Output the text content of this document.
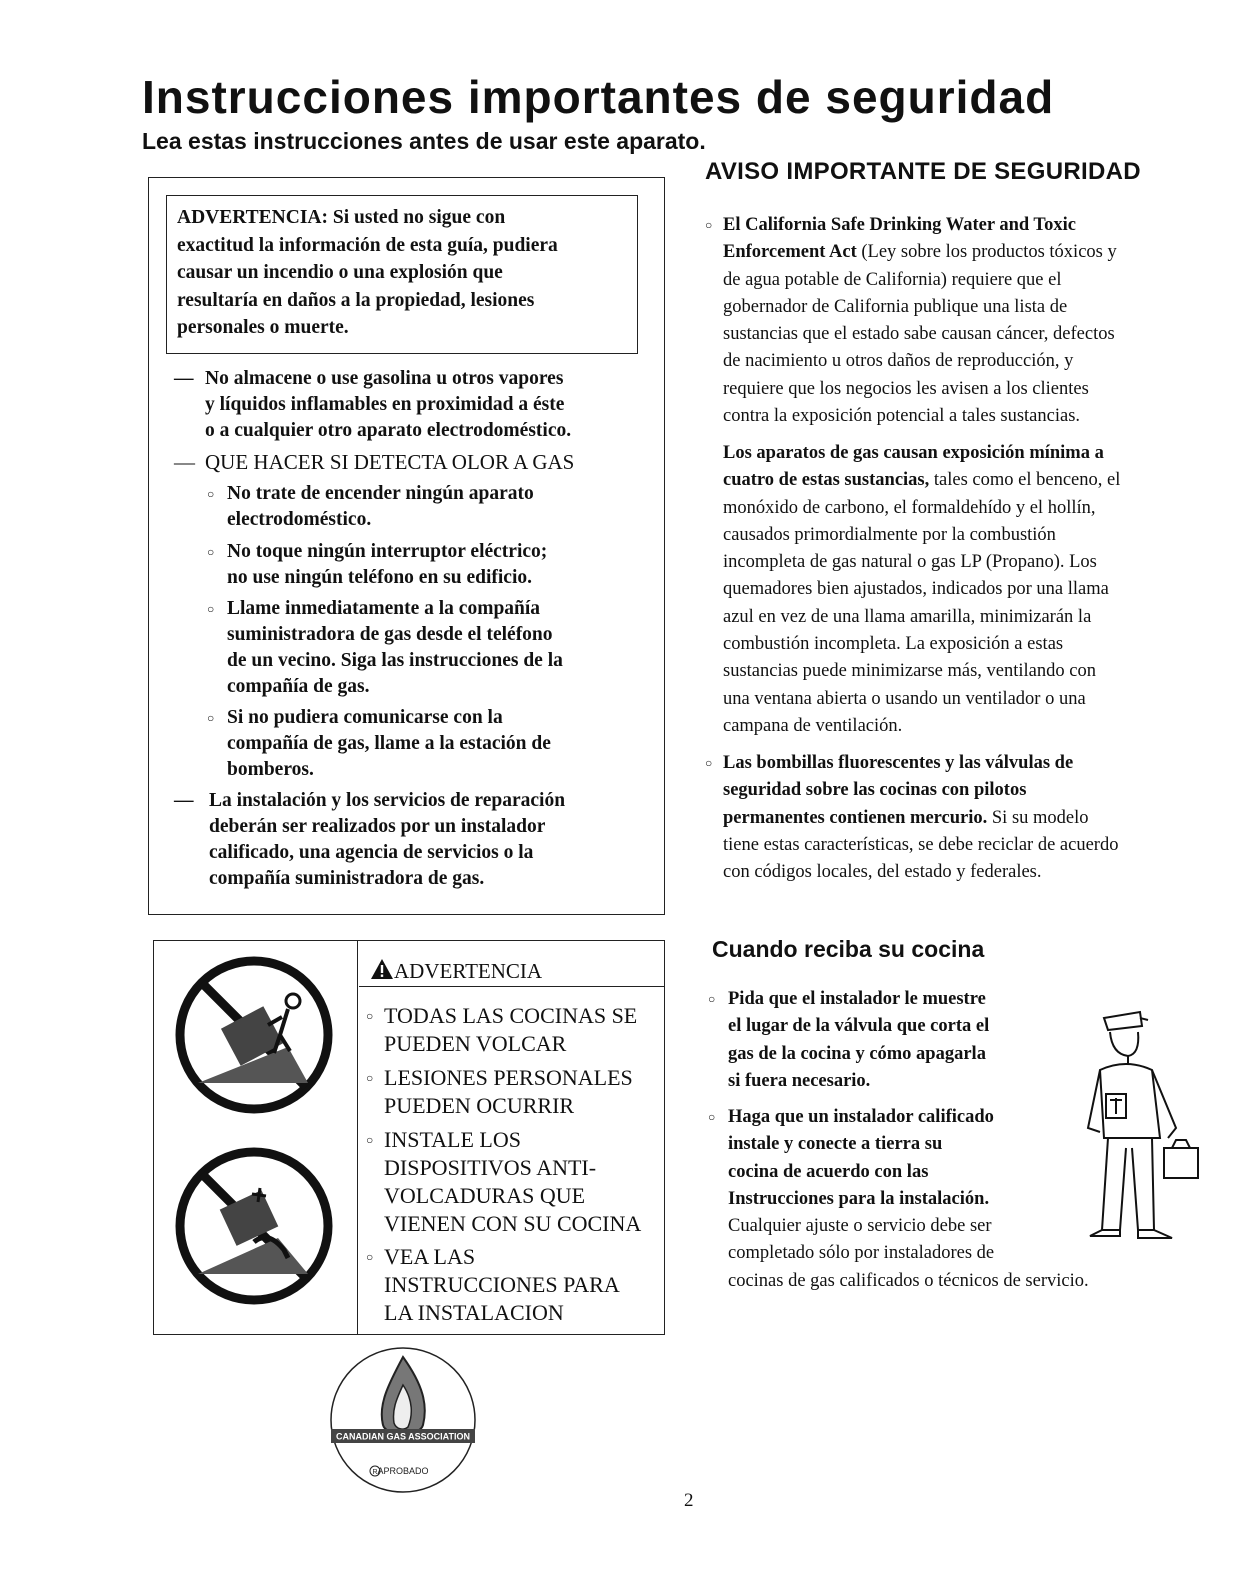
Instrucciones importantes de seguridad
Lea estas instrucciones antes de usar este aparato.
ADVERTENCIA: Si usted no sigue con
exactitud la información de esta guía, pudiera
causar un incendio o una explosión que
resultaría en daños a la propiedad, lesiones
personales o muerte.
— No almacene o use gasolina u otros vapores
y líquidos inflamables en proximidad a éste
o a cualquier otro aparato electrodoméstico.
— QUE HACER SI DETECTA OLOR A GAS
○ No trate de encender ningún aparato
electrodoméstico.
○ No toque ningún interruptor eléctrico;
no use ningún teléfono en su edificio.
○ Llame inmediatamente a la compañía
suministradora de gas desde el teléfono
de un vecino. Siga las instrucciones de la
compañía de gas.
○ Si no pudiera comunicarse con la
compañía de gas, llame a la estación de
bomberos.
— La instalación y los servicios de reparación
deberán ser realizados por un instalador
calificado, una agencia de servicios o la
compañía suministradora de gas.
ADVERTENCIA
○ TODAS LAS COCINAS SE
PUEDEN VOLCAR
○ LESIONES PERSONALES
PUEDEN OCURRIR
○ INSTALE LOS
DISPOSITIVOS ANTI-
VOLCADURAS QUE
VIENEN CON SU COCINA
○ VEA LAS
INSTRUCCIONES PARA
LA INSTALACION
CANADIAN GAS ASSOCIATION
R APROBADO
AVISO IMPORTANTE DE SEGURIDAD
○ El California Safe Drinking Water and Toxic
Enforcement Act (Ley sobre los productos tóxicos y
de agua potable de California) requiere que el
gobernador de California publique una lista de
sustancias que el estado sabe causan cáncer, defectos
de nacimiento u otros daños de reproducción, y
requiere que los negocios les avisen a los clientes
contra la exposición potencial a tales sustancias.
Los aparatos de gas causan exposición mínima a
cuatro de estas sustancias, tales como el benceno, el
monóxido de carbono, el formaldehído y el hollín,
causados primordialmente por la combustión
incompleta de gas natural o gas LP (Propano). Los
quemadores bien ajustados, indicados por una llama
azul en vez de una llama amarilla, minimizarán la
combustión incompleta. La exposición a estas
sustancias puede minimizarse más, ventilando con
una ventana abierta o usando un ventilador o una
campana de ventilación.
○ Las bombillas fluorescentes y las válvulas de
seguridad sobre las cocinas con pilotos
permanentes contienen mercurio. Si su modelo
tiene estas características, se debe reciclar de acuerdo
con códigos locales, del estado y federales.
Cuando reciba su cocina
○ Pida que el instalador le muestre
el lugar de la válvula que corta el
gas de la cocina y cómo apagarla
si fuera necesario.
○ Haga que un instalador calificado
instale y conecte a tierra su
cocina de acuerdo con las
Instrucciones para la instalación.
Cualquier ajuste o servicio debe ser
completado sólo por instaladores de
cocinas de gas calificados o técnicos de servicio.
2
